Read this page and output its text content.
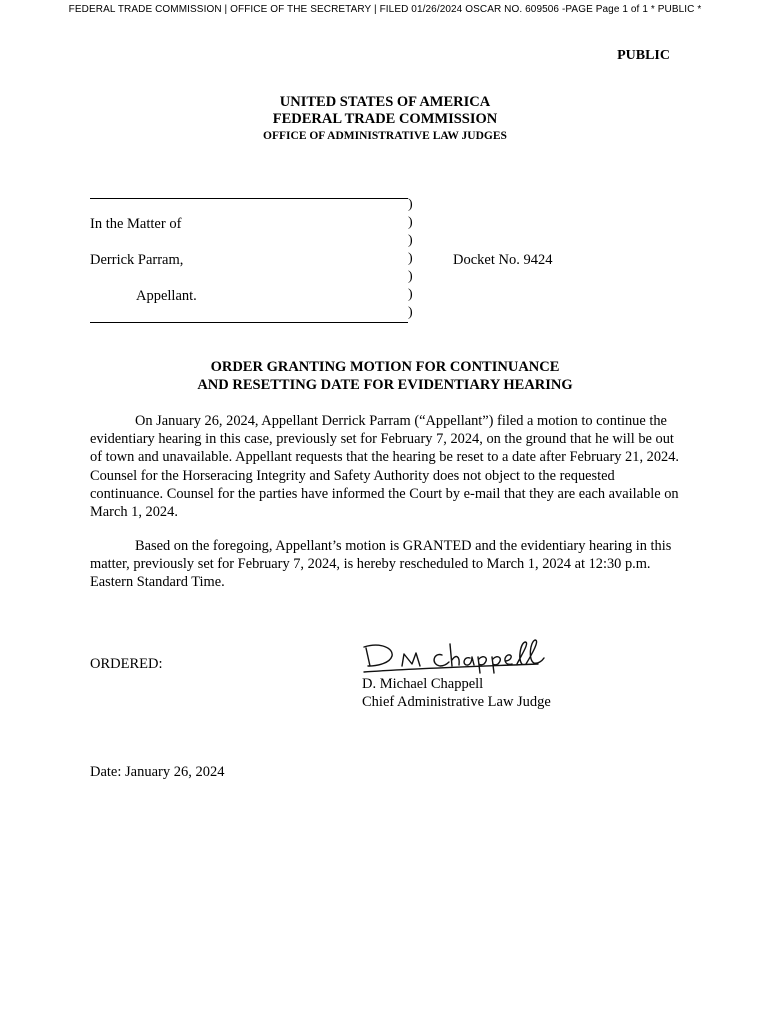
FEDERAL TRADE COMMISSION | OFFICE OF THE SECRETARY | FILED 01/26/2024 OSCAR NO. 609506 -PAGE Page 1 of 1 * PUBLIC *
PUBLIC
UNITED STATES OF AMERICA
FEDERAL TRADE COMMISSION
OFFICE OF ADMINISTRATIVE LAW JUDGES
)
)
)
)
)
)
)
In the Matter of
Derrick Parram,
Appellant.
Docket No. 9424
ORDER GRANTING MOTION FOR CONTINUANCE
AND RESETTING DATE FOR EVIDENTIARY HEARING

On January 26, 2024, Appellant Derrick Parram (“Appellant”) filed a motion to continue the evidentiary hearing in this case, previously set for February 7, 2024, on the ground that he will be out of town and unavailable. Appellant requests that the hearing be reset to a date after February 21, 2024. Counsel for the Horseracing Integrity and Safety Authority does not object to the requested continuance. Counsel for the parties have informed the Court by e-mail that they are each available on March 1, 2024.

Based on the foregoing, Appellant’s motion is GRANTED and the evidentiary hearing in this matter, previously set for February 7, 2024, is hereby rescheduled to March 1, 2024 at 12:30 p.m. Eastern Standard Time.

ORDERED:
D. Michael Chappell
Chief Administrative Law Judge
Date: January 26, 2024
